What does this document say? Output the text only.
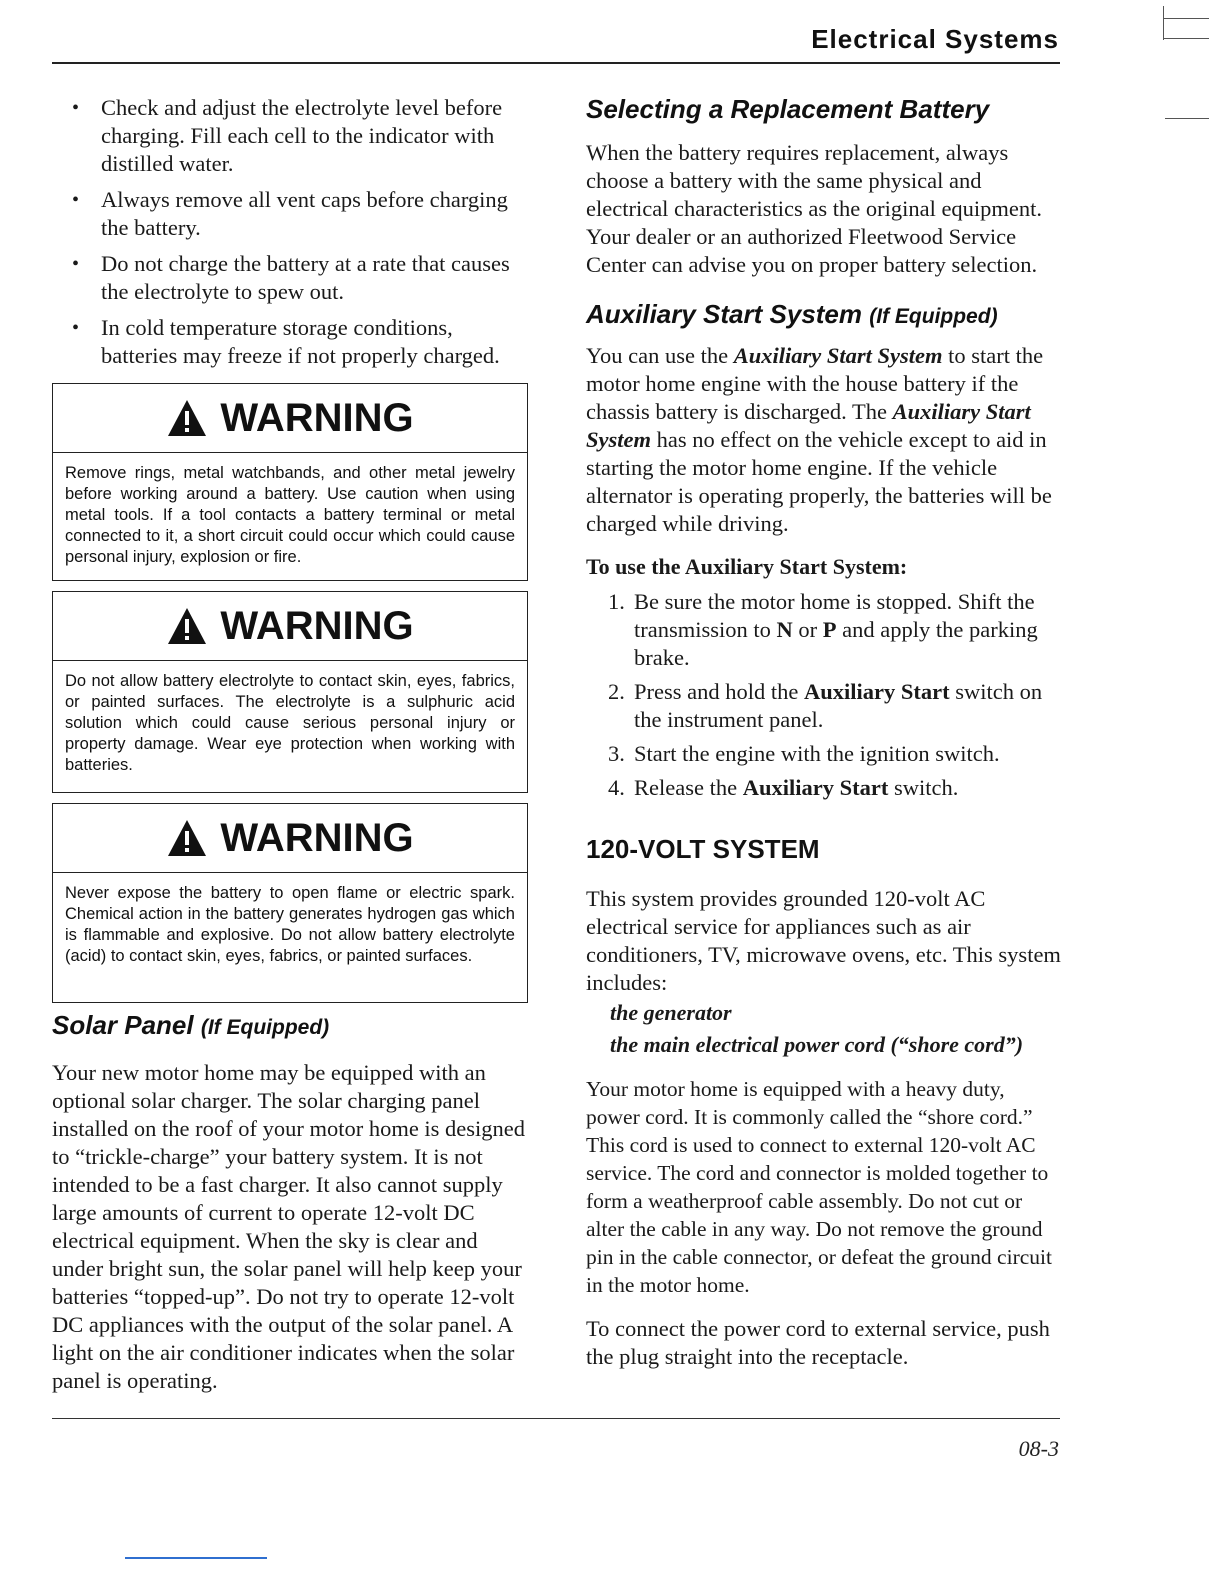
Electrical Systems
• Check and adjust the electrolyte level before charging. Fill each cell to the indicator with distilled water.
• Always remove all vent caps before charging the battery.
• Do not charge the battery at a rate that causes the electrolyte to spew out.
• In cold temperature storage conditions, batteries may freeze if not properly charged.
WARNING
Remove rings, metal watchbands, and other metal jewelry before working around a battery. Use caution when using metal tools. If a tool contacts a battery terminal or metal connected to it, a short circuit could occur which could cause personal injury, explosion or fire.
WARNING
Do not allow battery electrolyte to contact skin, eyes, fabrics, or painted surfaces. The electrolyte is a sulphuric acid solution which could cause serious personal injury or property damage. Wear eye protection when working with batteries.
WARNING
Never expose the battery to open flame or electric spark. Chemical action in the battery generates hydrogen gas which is flammable and explosive. Do not allow battery electrolyte (acid) to contact skin, eyes, fabrics, or painted surfaces.
Solar Panel (If Equipped)

Your new motor home may be equipped with an optional solar charger. The solar charging panel installed on the roof of your motor home is designed to “trickle-charge” your battery system. It is not intended to be a fast charger. It also cannot supply large amounts of current to operate 12-volt DC electrical equipment. When the sky is clear and under bright sun, the solar panel will help keep your batteries “topped-up”. Do not try to operate 12-volt DC appliances with the output of the solar panel. A light on the air conditioner indicates when the solar panel is operating.

Selecting a Replacement Battery

When the battery requires replacement, always choose a battery with the same physical and electrical characteristics as the original equipment. Your dealer or an authorized Fleetwood Service Center can advise you on proper battery selection.

Auxiliary Start System (If Equipped)

You can use the Auxiliary Start System to start the motor home engine with the house battery if the chassis battery is discharged. The Auxiliary Start System has no effect on the vehicle except to aid in starting the motor home engine. If the vehicle alternator is operating properly, the batteries will be charged while driving.

To use the Auxiliary Start System:

1. Be sure the motor home is stopped. Shift the transmission to N or P and apply the parking brake.
2. Press and hold the Auxiliary Start switch on the instrument panel.
3. Start the engine with the ignition switch.
4. Release the Auxiliary Start switch.
120-VOLT SYSTEM

This system provides grounded 120-volt AC electrical service for appliances such as air conditioners, TV, microwave ovens, etc. This system includes:

the generator
the main electrical power cord (“shore cord”)

Your motor home is equipped with a heavy duty, power cord. It is commonly called the “shore cord.” This cord is used to connect to external 120-volt AC service. The cord and connector is molded together to form a weatherproof cable assembly. Do not cut or alter the cable in any way. Do not remove the ground pin in the cable connector, or defeat the ground circuit in the motor home.

To connect the power cord to external service, push the plug straight into the receptacle.

08-3
